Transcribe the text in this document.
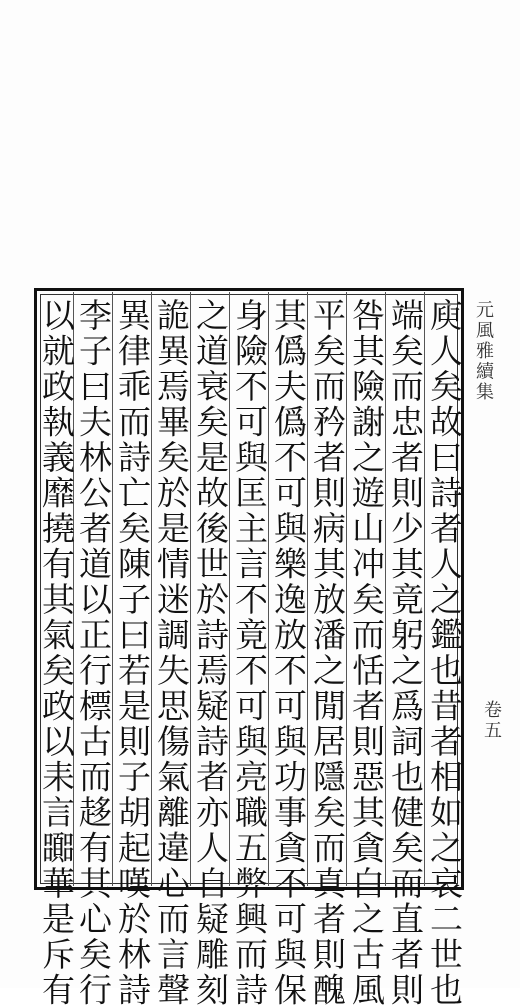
庾人矣故曰詩者人之鑑也昔者相如之哀二世也
端矣而忠者則少其竟躬之爲詞也健矣而直者則
咎其險謝之遊山冲矣而恬者則惡其貪白之古風
平矣而矜者則病其放潘之閒居隱矣而真者則醜
其僞夫僞不可與樂逸放不可與功事貪不可與保
身險不可與匡主言不竟不可與亮職五弊興而詩
之道衰矣是故後世於詩焉疑詩者亦人自疑雕刻
詭異焉畢矣於是情迷調失思傷氣離違心而言聲
異律乖而詩亡矣陳子曰若是則子胡起嘆於林詩
李子曰夫林公者道以正行標古而趍有其心矣行
以就政執義靡撓有其氣矣政以耒言嚻華是斥有	元風雅續集
卷五
